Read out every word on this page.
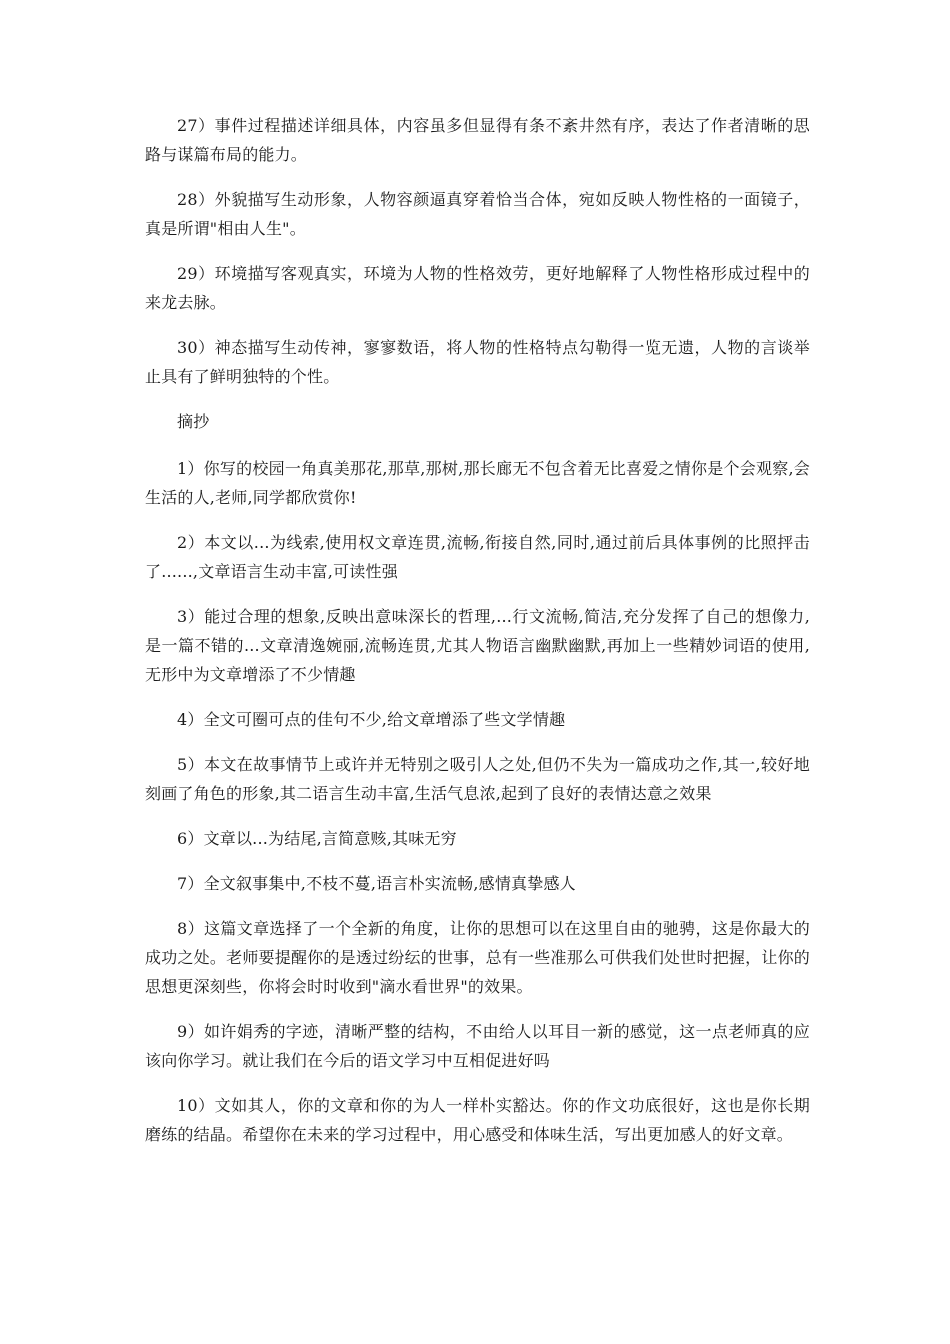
27）事件过程描述详细具体，内容虽多但显得有条不紊井然有序，表达了作者清晰的思路与谋篇布局的能力。

28）外貌描写生动形象，人物容颜逼真穿着恰当合体，宛如反映人物性格的一面镜子，真是所谓"相由人生"。

29）环境描写客观真实，环境为人物的性格效劳，更好地解释了人物性格形成过程中的来龙去脉。

30）神态描写生动传神，寥寥数语，将人物的性格特点勾勒得一览无遗，人物的言谈举止具有了鲜明独特的个性。

摘抄

1）你写的校园一角真美那花,那草,那树,那长廊无不包含着无比喜爱之情你是个会观察,会生活的人,老师,同学都欣赏你!

2）本文以...为线索,使用权文章连贯,流畅,衔接自然,同时,通过前后具体事例的比照抨击了......,文章语言生动丰富,可读性强

3）能过合理的想象,反映出意味深长的哲理,...行文流畅,简洁,充分发挥了自己的想像力,是一篇不错的...文章清逸婉丽,流畅连贯,尤其人物语言幽默幽默,再加上一些精妙词语的使用,无形中为文章增添了不少情趣

4）全文可圈可点的佳句不少,给文章增添了些文学情趣

5）本文在故事情节上或许并无特别之吸引人之处,但仍不失为一篇成功之作,其一,较好地刻画了角色的形象,其二语言生动丰富,生活气息浓,起到了良好的表情达意之效果

6）文章以...为结尾,言简意赅,其味无穷

7）全文叙事集中,不枝不蔓,语言朴实流畅,感情真挚感人

8）这篇文章选择了一个全新的角度，让你的思想可以在这里自由的驰骋，这是你最大的成功之处。老师要提醒你的是透过纷纭的世事，总有一些准那么可供我们处世时把握，让你的思想更深刻些，你将会时时收到"滴水看世界"的效果。

9）如许娟秀的字迹，清晰严整的结构，不由给人以耳目一新的感觉，这一点老师真的应该向你学习。就让我们在今后的语文学习中互相促进好吗

10）文如其人，你的文章和你的为人一样朴实豁达。你的作文功底很好，这也是你长期磨练的结晶。希望你在未来的学习过程中，用心感受和体味生活，写出更加感人的好文章。
